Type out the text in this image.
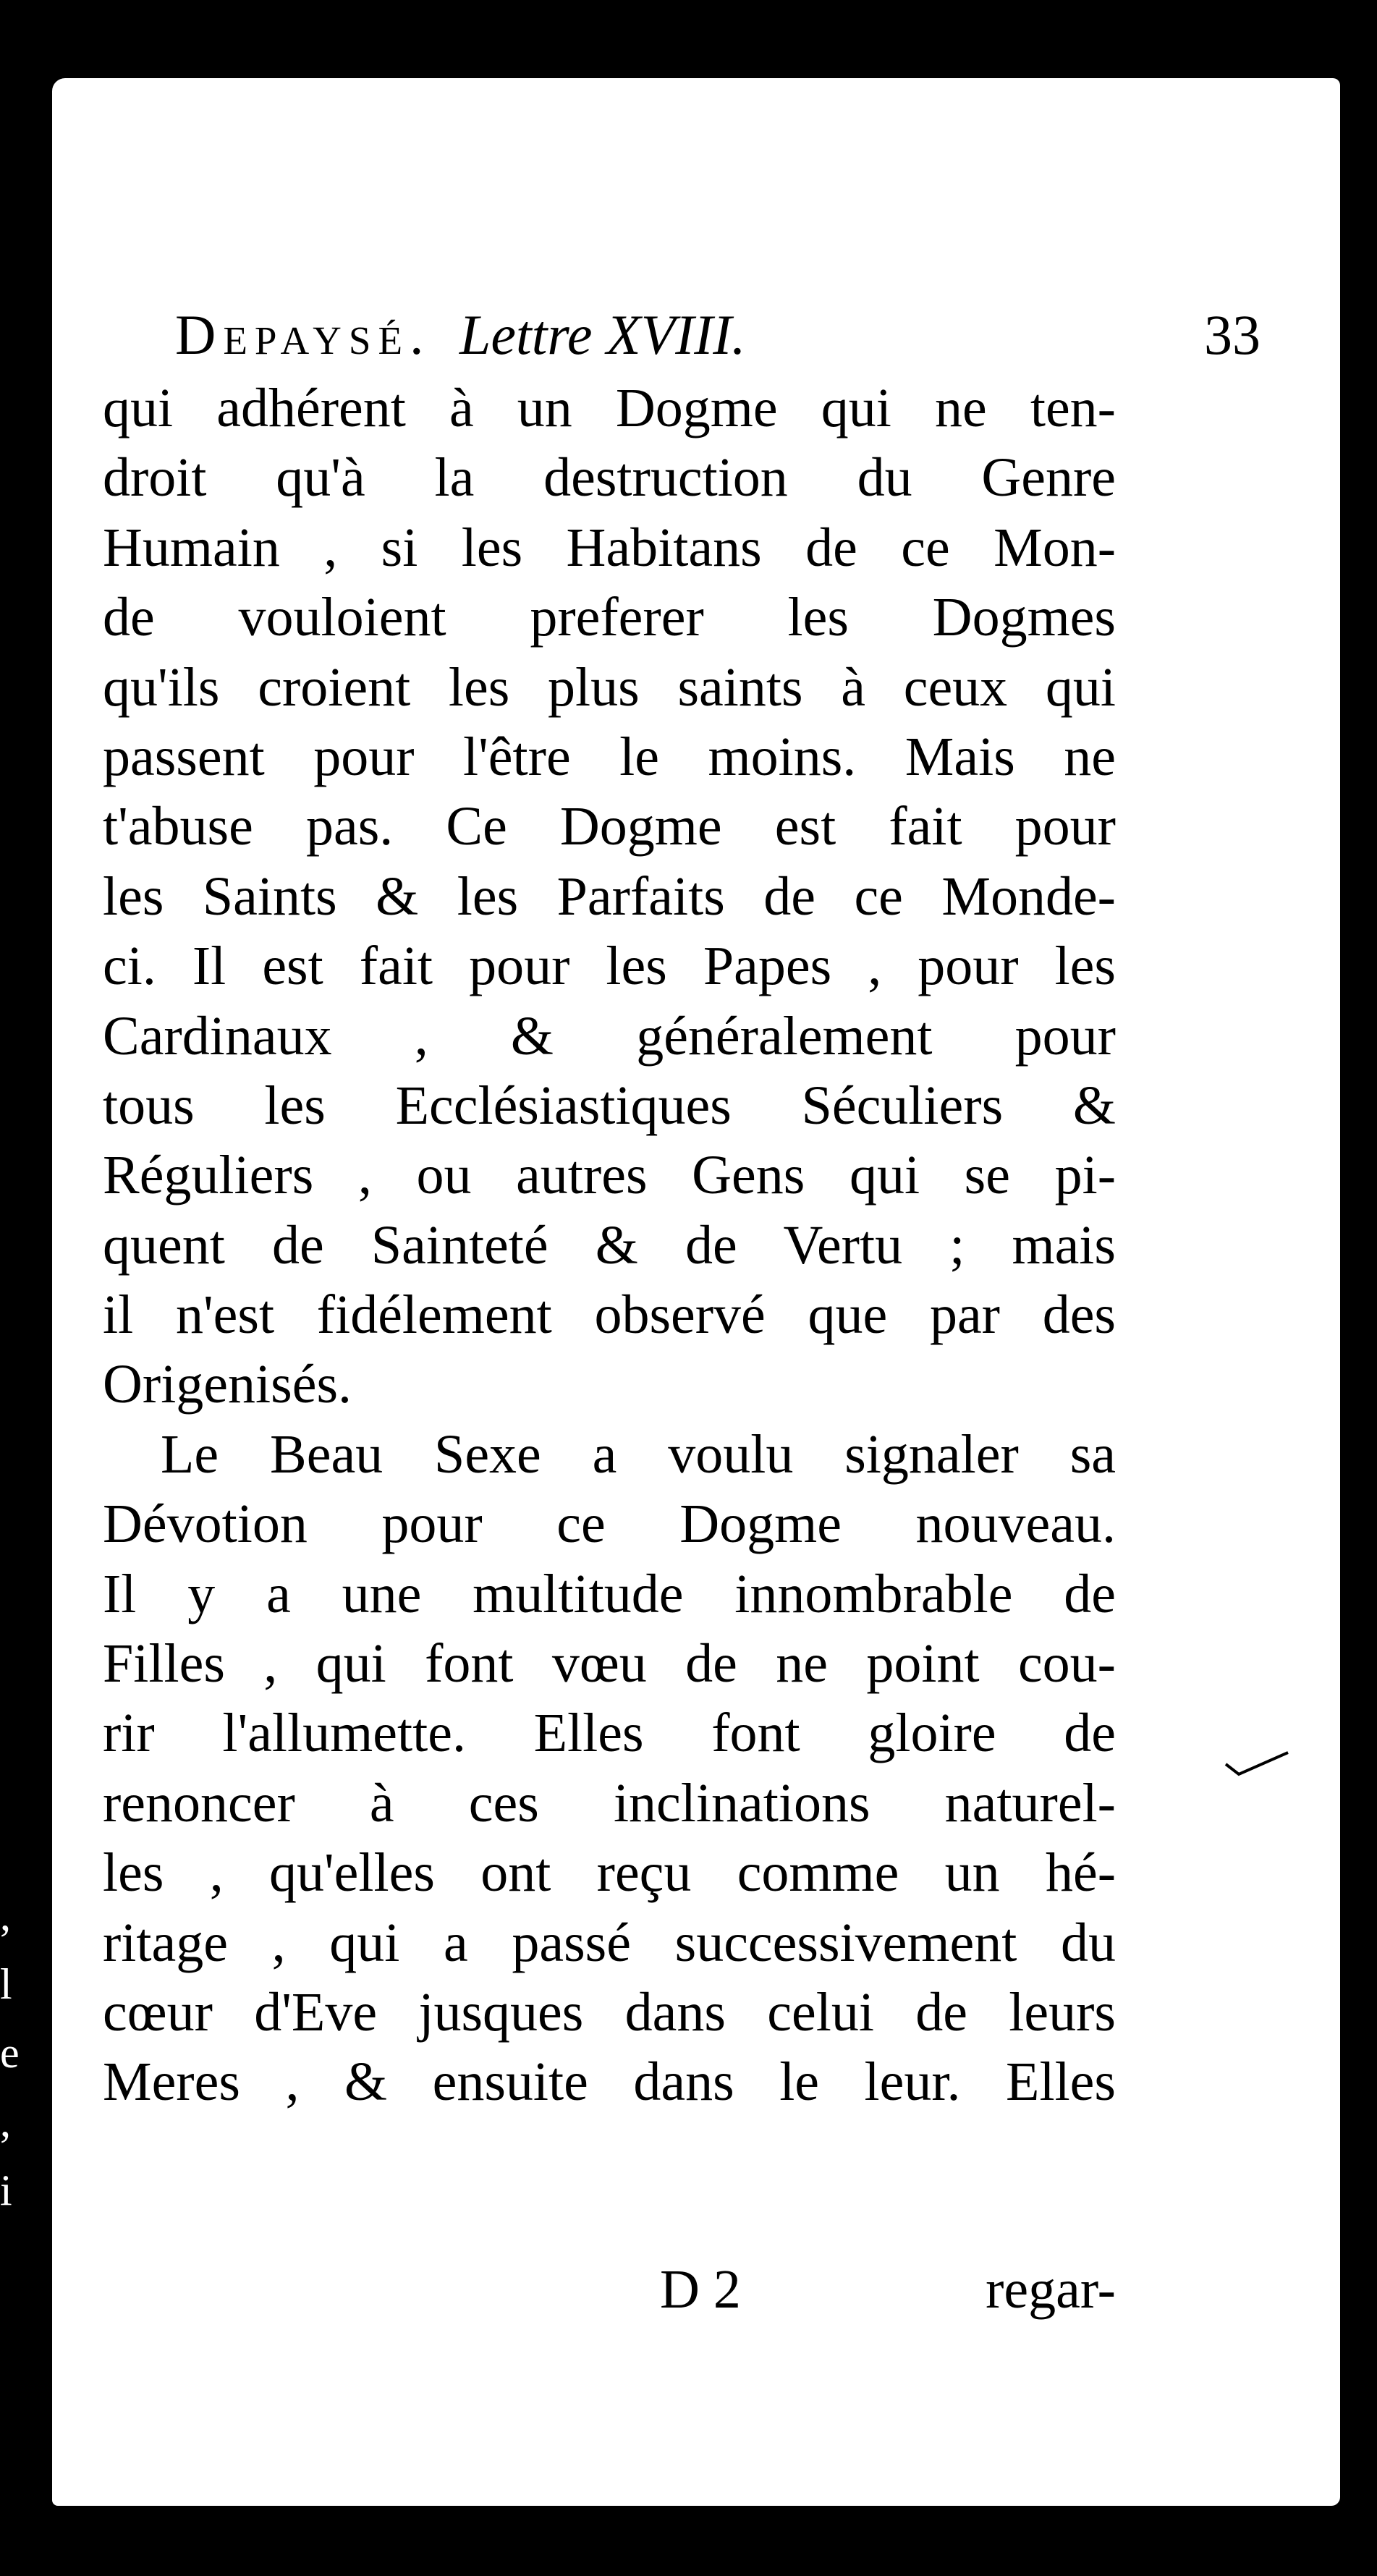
,
l
e
,
i
Depaysé. Lettre XVIII.	33
qui adhérent à un Dogme qui ne ten-
droit qu'à la destruction du Genre
Humain , si les Habitans de ce Mon-
de vouloient preferer les Dogmes
qu'ils croient les plus saints à ceux qui
passent pour l'être le moins. Mais ne
t'abuse pas. Ce Dogme est fait pour
les Saints & les Parfaits de ce Monde-
ci. Il est fait pour les Papes , pour les
Cardinaux , & généralement pour
tous les Ecclésiastiques Séculiers &
Réguliers , ou autres Gens qui se pi-
quent de Sainteté & de Vertu ; mais
il n'est fidélement observé que par des
Origenisés.
Le Beau Sexe a voulu signaler sa
Dévotion pour ce Dogme nouveau.
Il y a une multitude innombrable de
Filles , qui font vœu de ne point cou-
rir l'allumette. Elles font gloire de
renoncer à ces inclinations naturel-
les , qu'elles ont reçu comme un hé-
ritage , qui a passé successivement du
cœur d'Eve jusques dans celui de leurs
Meres , & ensuite dans le leur. Elles
D 2	regar-
